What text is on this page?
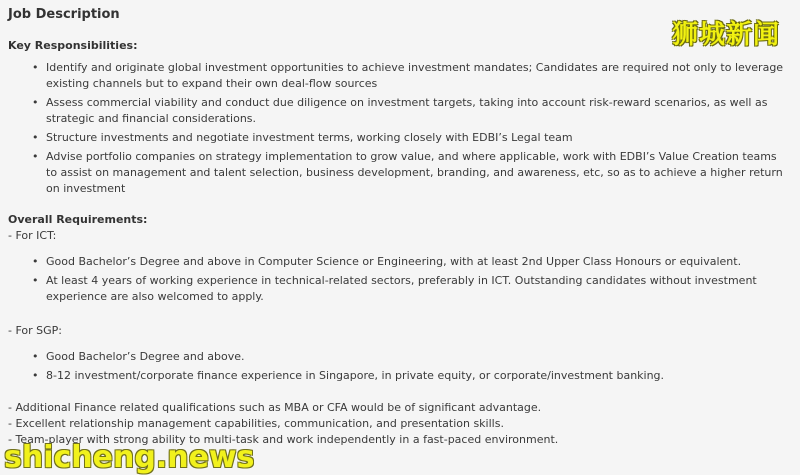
Job Description
Key Responsibilities:
• Identify and originate global investment opportunities to achieve investment mandates; Candidates are required not only to leverage existing channels but to expand their own deal-flow sources
• Assess commercial viability and conduct due diligence on investment targets, taking into account risk-reward scenarios, as well as strategic and financial considerations.
• Structure investments and negotiate investment terms, working closely with EDBI’s Legal team
• Advise portfolio companies on strategy implementation to grow value, and where applicable, work with EDBI’s Value Creation teams to assist on management and talent selection, business development, branding, and awareness, etc, so as to achieve a higher return on investment
Overall Requirements:

- For ICT:

• Good Bachelor’s Degree and above in Computer Science or Engineering, with at least 2nd Upper Class Honours or equivalent.
• At least 4 years of working experience in technical-related sectors, preferably in ICT. Outstanding candidates without investment experience are also welcomed to apply.

- For SGP:

• Good Bachelor’s Degree and above.
• 8-12 investment/corporate finance experience in Singapore, in private equity, or corporate/investment banking.

- Additional Finance related qualifications such as MBA or CFA would be of significant advantage.

- Excellent relationship management capabilities, communication, and presentation skills.

- Team-player with strong ability to multi-task and work independently in a fast-paced environment.

狮城新闻
shicheng.news
